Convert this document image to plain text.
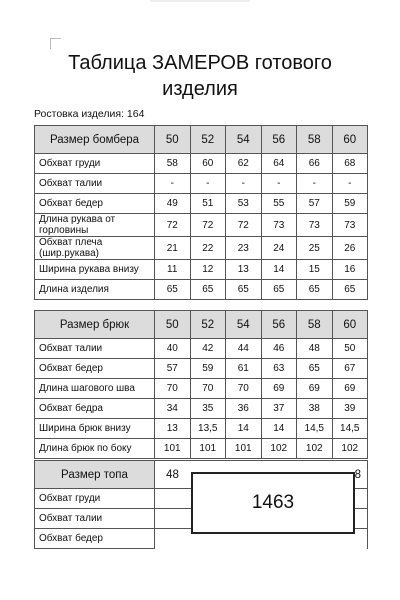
Таблица ЗАМЕРОВ готового
изделия
Ростовка изделия: 164
Размер бомбера	50	52	54	56	58	60
Обхват груди	58	60	62	64	66	68
Обхват талии	-	-	-	-	-	-
Обхват бедер	49	51	53	55	57	59
Длина рукава от горловины	72	72	72	73	73	73
Обхват плеча (шир.рукава)	21	22	23	24	25	26
Ширина рукава внизу	11	12	13	14	15	16
Длина изделия	65	65	65	65	65	65
Размер брюк	50	52	54	56	58	60
Обхват талии	40	42	44	46	48	50
Обхват бедер	57	59	61	63	65	67
Длина шагового шва	70	70	70	69	69	69
Обхват бедра	34	35	36	37	38	39
Ширина брюк внизу	13	13,5	14	14	14,5	14,5
Длина брюк по боку	101	101	101	102	102	102
Размер топа	48					8
Обхват груди						
Обхват талии						
Обхват бедер						
1463
